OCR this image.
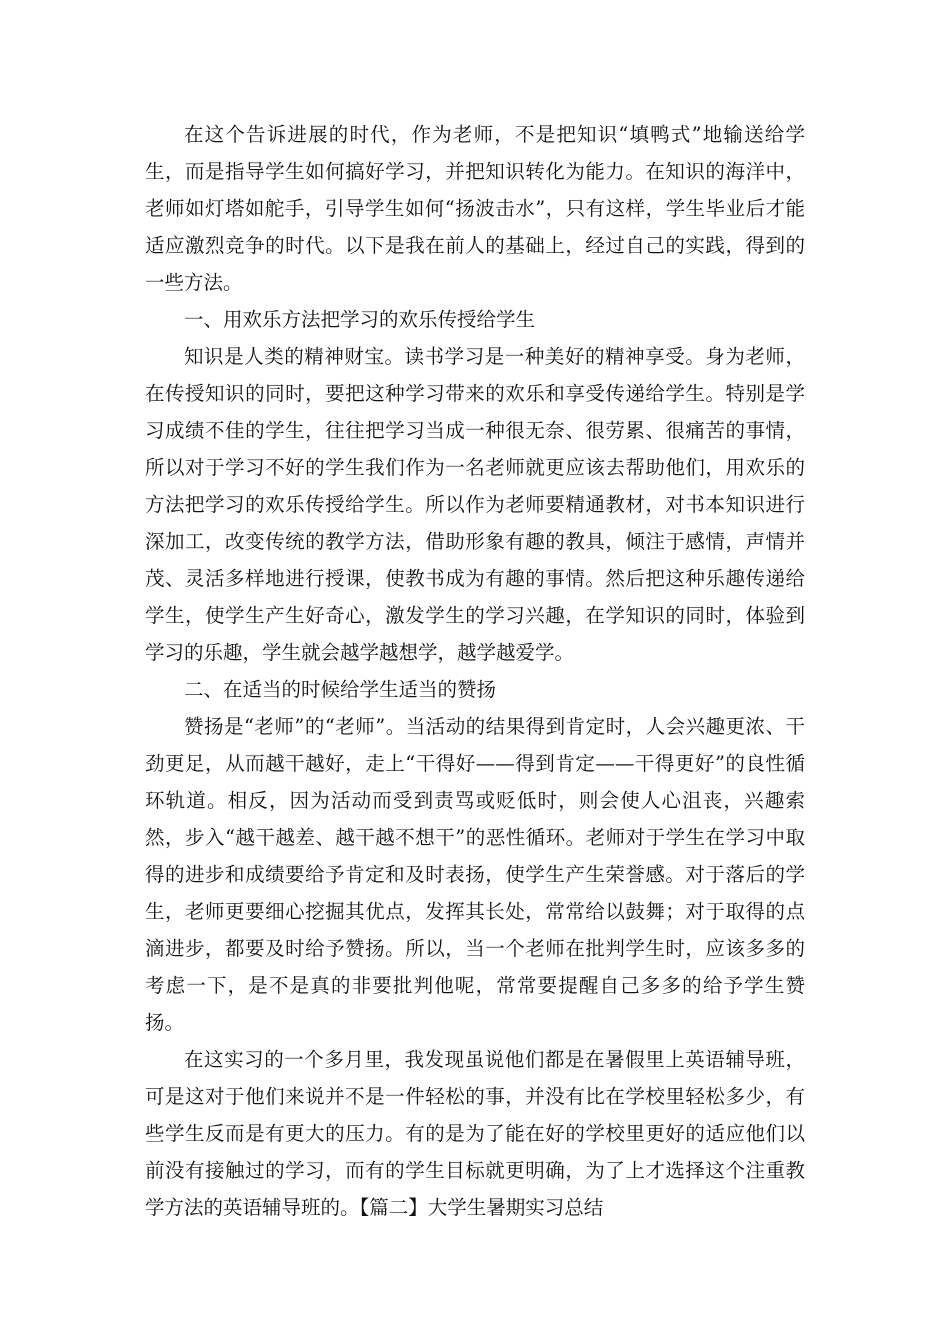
在这个告诉进展的时代，作为老师，不是把知识“填鸭式”地输送给学生，而是指导学生如何搞好学习，并把知识转化为能力。在知识的海洋中，老师如灯塔如舵手，引导学生如何“扬波击水”，只有这样，学生毕业后才能适应激烈竞争的时代。以下是我在前人的基础上，经过自己的实践，得到的一些方法。

一、用欢乐方法把学习的欢乐传授给学生

知识是人类的精神财宝。读书学习是一种美好的精神享受。身为老师，在传授知识的同时，要把这种学习带来的欢乐和享受传递给学生。特别是学习成绩不佳的学生，往往把学习当成一种很无奈、很劳累、很痛苦的事情，所以对于学习不好的学生我们作为一名老师就更应该去帮助他们，用欢乐的方法把学习的欢乐传授给学生。所以作为老师要精通教材，对书本知识进行深加工，改变传统的教学方法，借助形象有趣的教具，倾注于感情，声情并茂、灵活多样地进行授课，使教书成为有趣的事情。然后把这种乐趣传递给学生，使学生产生好奇心，激发学生的学习兴趣，在学知识的同时，体验到学习的乐趣，学生就会越学越想学，越学越爱学。

二、在适当的时候给学生适当的赞扬

赞扬是“老师”的“老师”。当活动的结果得到肯定时，人会兴趣更浓、干劲更足，从而越干越好，走上“干得好——得到肯定——干得更好”的良性循环轨道。相反，因为活动而受到责骂或贬低时，则会使人心沮丧，兴趣索然，步入“越干越差、越干越不想干”的恶性循环。老师对于学生在学习中取得的进步和成绩要给予肯定和及时表扬，使学生产生荣誉感。对于落后的学生，老师更要细心挖掘其优点，发挥其长处，常常给以鼓舞；对于取得的点滴进步，都要及时给予赞扬。所以，当一个老师在批判学生时，应该多多的考虑一下，是不是真的非要批判他呢，常常要提醒自己多多的给予学生赞扬。

在这实习的一个多月里，我发现虽说他们都是在暑假里上英语辅导班，可是这对于他们来说并不是一件轻松的事，并没有比在学校里轻松多少，有些学生反而是有更大的压力。有的是为了能在好的学校里更好的适应他们以前没有接触过的学习，而有的学生目标就更明确，为了上才选择这个注重教学方法的英语辅导班的。【篇二】大学生暑期实习总结
